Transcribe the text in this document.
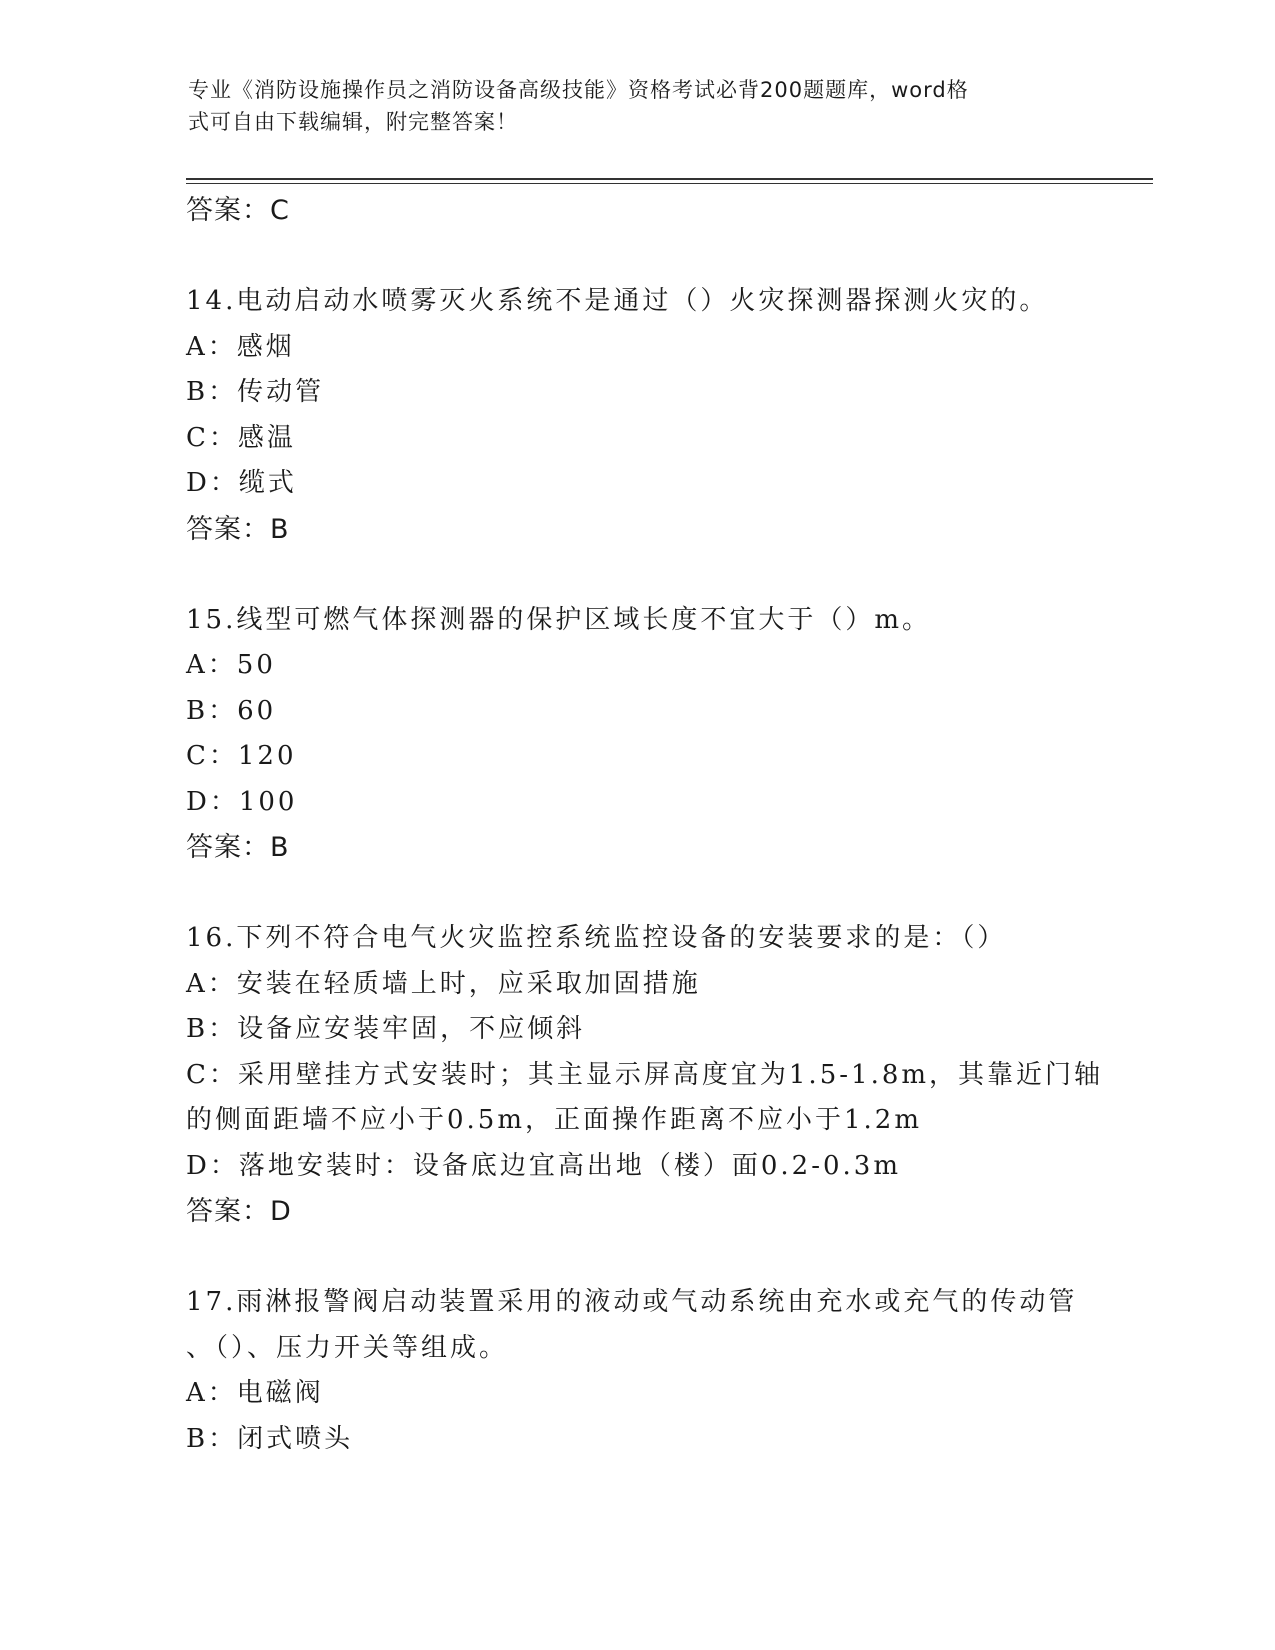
专业《消防设施操作员之消防设备高级技能》资格考试必背200题题库，word格
式可自由下载编辑，附完整答案！
答案：C
14.电动启动水喷雾灭火系统不是通过（）火灾探测器探测火灾的。
A：感烟
B：传动管
C：感温
D：缆式
答案：B
15.线型可燃气体探测器的保护区域长度不宜大于（）m。
A：50
B：60
C：120
D：100
答案：B
16.下列不符合电气火灾监控系统监控设备的安装要求的是：（）
A：安装在轻质墙上时，应采取加固措施
B：设备应安装牢固，不应倾斜
C：采用壁挂方式安装时；其主显示屏高度宜为1.5-1.8m，其靠近门轴
的侧面距墙不应小于0.5m，正面操作距离不应小于1.2m
D：落地安装时：设备底边宜高出地（楼）面0.2-0.3m
答案：D
17.雨淋报警阀启动装置采用的液动或气动系统由充水或充气的传动管
、（）、压力开关等组成。
A：电磁阀
B：闭式喷头
